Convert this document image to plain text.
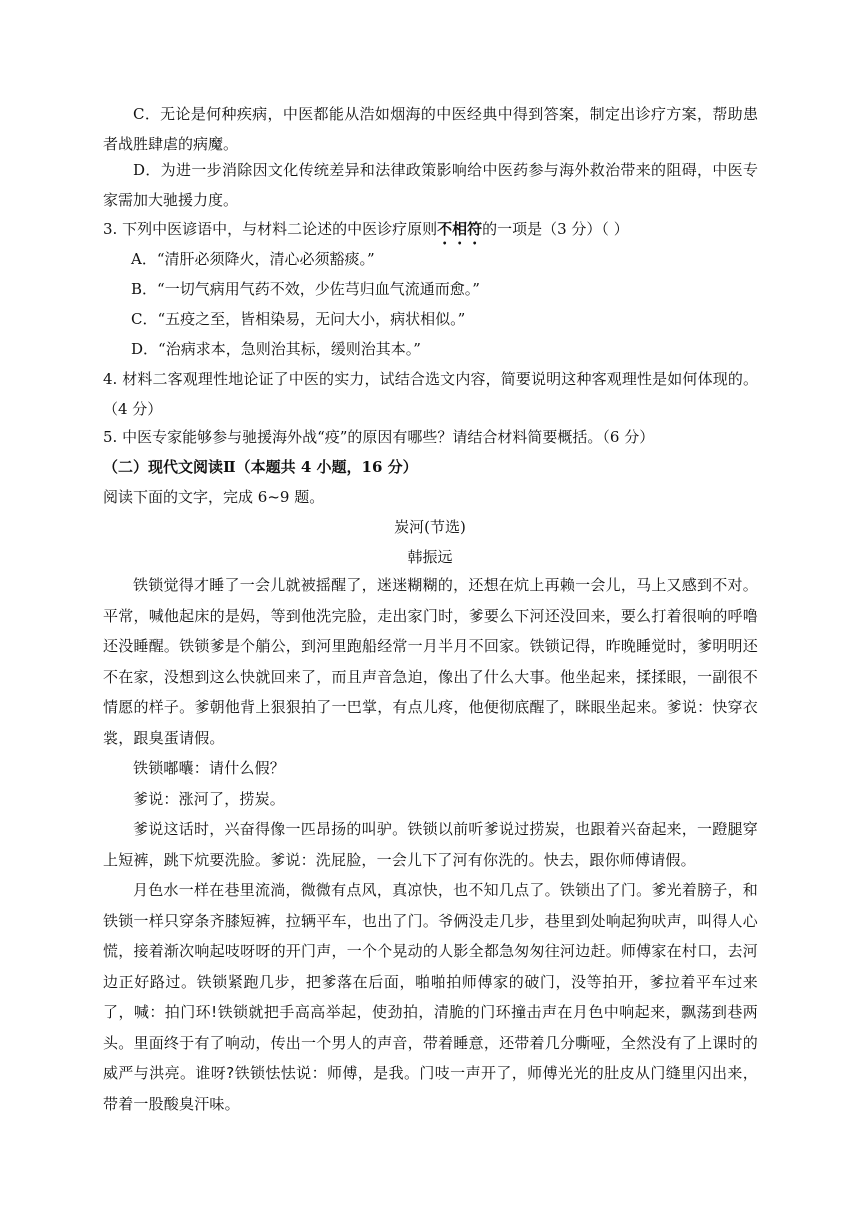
C．无论是何种疾病，中医都能从浩如烟海的中医经典中得到答案，制定出诊疗方案，帮助患者战胜肆虐的病魔。

D．为进一步消除因文化传统差异和法律政策影响给中医药参与海外救治带来的阻碍，中医专家需加大驰援力度。

3. 下列中医谚语中，与材料二论述的中医诊疗原则不相符的一项是（3 分）（ ）
A．“清肝必须降火，清心必须豁痰。”
B．“一切气病用气药不效，少佐芎归血气流通而愈。”
C．“五疫之至，皆相染易，无问大小，病状相似。”
D．“治病求本，急则治其标，缓则治其本。”

4. 材料二客观理性地论证了中医的实力，试结合选文内容，简要说明这种客观理性是如何体现的。（4 分）

5. 中医专家能够参与驰援海外战“疫”的原因有哪些？请结合材料简要概括。（6 分）
（二）现代文阅读Ⅱ（本题共 4 小题，16 分）
阅读下面的文字，完成 6~9 题。
炭河(节选)
韩振远

铁锁觉得才睡了一会儿就被摇醒了，迷迷糊糊的，还想在炕上再赖一会儿，马上又感到不对。平常，喊他起床的是妈，等到他洗完脸，走出家门时，爹要么下河还没回来，要么打着很响的呼噜还没睡醒。铁锁爹是个艄公，到河里跑船经常一月半月不回家。铁锁记得，昨晚睡觉时，爹明明还不在家，没想到这么快就回来了，而且声音急迫，像出了什么大事。他坐起来，揉揉眼，一副很不情愿的样子。爹朝他背上狠狠拍了一巴掌，有点儿疼，他便彻底醒了，眯眼坐起来。爹说：快穿衣裳，跟臭蛋请假。

铁锁嘟囔：请什么假？

爹说：涨河了，捞炭。

爹说这话时，兴奋得像一匹昂扬的叫驴。铁锁以前听爹说过捞炭，也跟着兴奋起来，一蹬腿穿上短裤，跳下炕要洗脸。爹说：洗屁脸，一会儿下了河有你洗的。快去，跟你师傅请假。

月色水一样在巷里流淌，微微有点风，真凉快，也不知几点了。铁锁出了门。爹光着膀子，和铁锁一样只穿条齐膝短裤，拉辆平车，也出了门。爷俩没走几步，巷里到处响起狗吠声，叫得人心慌，接着渐次响起吱呀呀的开门声，一个个晃动的人影全都急匆匆往河边赶。师傅家在村口，去河边正好路过。铁锁紧跑几步，把爹落在后面，啪啪拍师傅家的破门，没等拍开，爹拉着平车过来了，喊：拍门环!铁锁就把手高高举起，使劲拍，清脆的门环撞击声在月色中响起来，飘荡到巷两头。里面终于有了响动，传出一个男人的声音，带着睡意，还带着几分嘶哑，全然没有了上课时的威严与洪亮。谁呀?铁锁怯怯说：师傅，是我。门吱一声开了，师傅光光的肚皮从门缝里闪出来，带着一股酸臭汗味。
